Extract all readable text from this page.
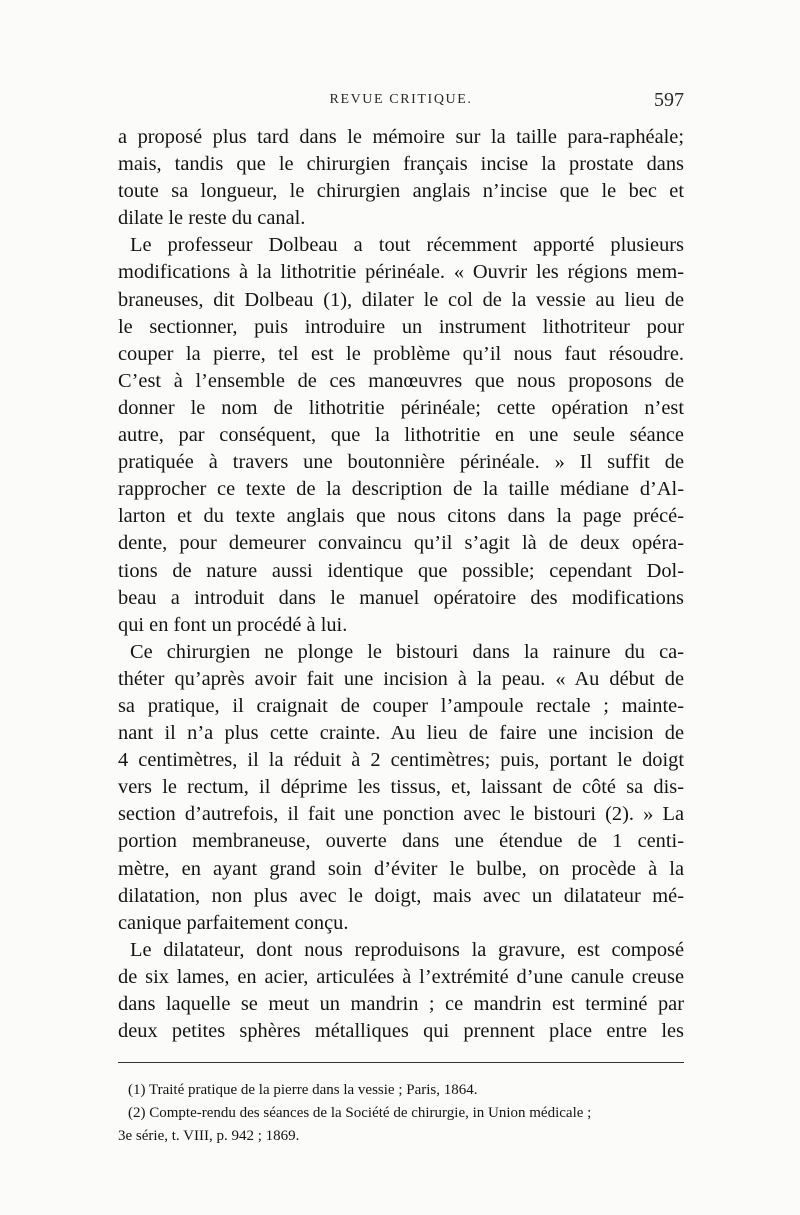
REVUE CRITIQUE.	597
a proposé plus tard dans le mémoire sur la taille para-raphéale;
mais, tandis que le chirurgien français incise la prostate dans
toute sa longueur, le chirurgien anglais n’incise que le bec et
dilate le reste du canal.
Le professeur Dolbeau a tout récemment apporté plusieurs
modifications à la lithotritie périnéale. « Ouvrir les régions mem-
braneuses, dit Dolbeau (1), dilater le col de la vessie au lieu de
le sectionner, puis introduire un instrument lithotriteur pour
couper la pierre, tel est le problème qu’il nous faut résoudre.
C’est à l’ensemble de ces manœuvres que nous proposons de
donner le nom de lithotritie périnéale; cette opération n’est
autre, par conséquent, que la lithotritie en une seule séance
pratiquée à travers une boutonnière périnéale. » Il suffit de
rapprocher ce texte de la description de la taille médiane d’Al-
larton et du texte anglais que nous citons dans la page précé-
dente, pour demeurer convaincu qu’il s’agit là de deux opéra-
tions de nature aussi identique que possible; cependant Dol-
beau a introduit dans le manuel opératoire des modifications
qui en font un procédé à lui.
Ce chirurgien ne plonge le bistouri dans la rainure du ca-
théter qu’après avoir fait une incision à la peau. « Au début de
sa pratique, il craignait de couper l’ampoule rectale ; mainte-
nant il n’a plus cette crainte. Au lieu de faire une incision de
4 centimètres, il la réduit à 2 centimètres; puis, portant le doigt
vers le rectum, il déprime les tissus, et, laissant de côté sa dis-
section d’autrefois, il fait une ponction avec le bistouri (2). » La
portion membraneuse, ouverte dans une étendue de 1 centi-
mètre, en ayant grand soin d’éviter le bulbe, on procède à la
dilatation, non plus avec le doigt, mais avec un dilatateur mé-
canique parfaitement conçu.
Le dilatateur, dont nous reproduisons la gravure, est composé
de six lames, en acier, articulées à l’extrémité d’une canule creuse
dans laquelle se meut un mandrin ; ce mandrin est terminé par
deux petites sphères métalliques qui prennent place entre les
(1) Traité pratique de la pierre dans la vessie ; Paris, 1864.
(2) Compte-rendu des séances de la Société de chirurgie, in Union médicale ;
3e série, t. VIII, p. 942 ; 1869.
